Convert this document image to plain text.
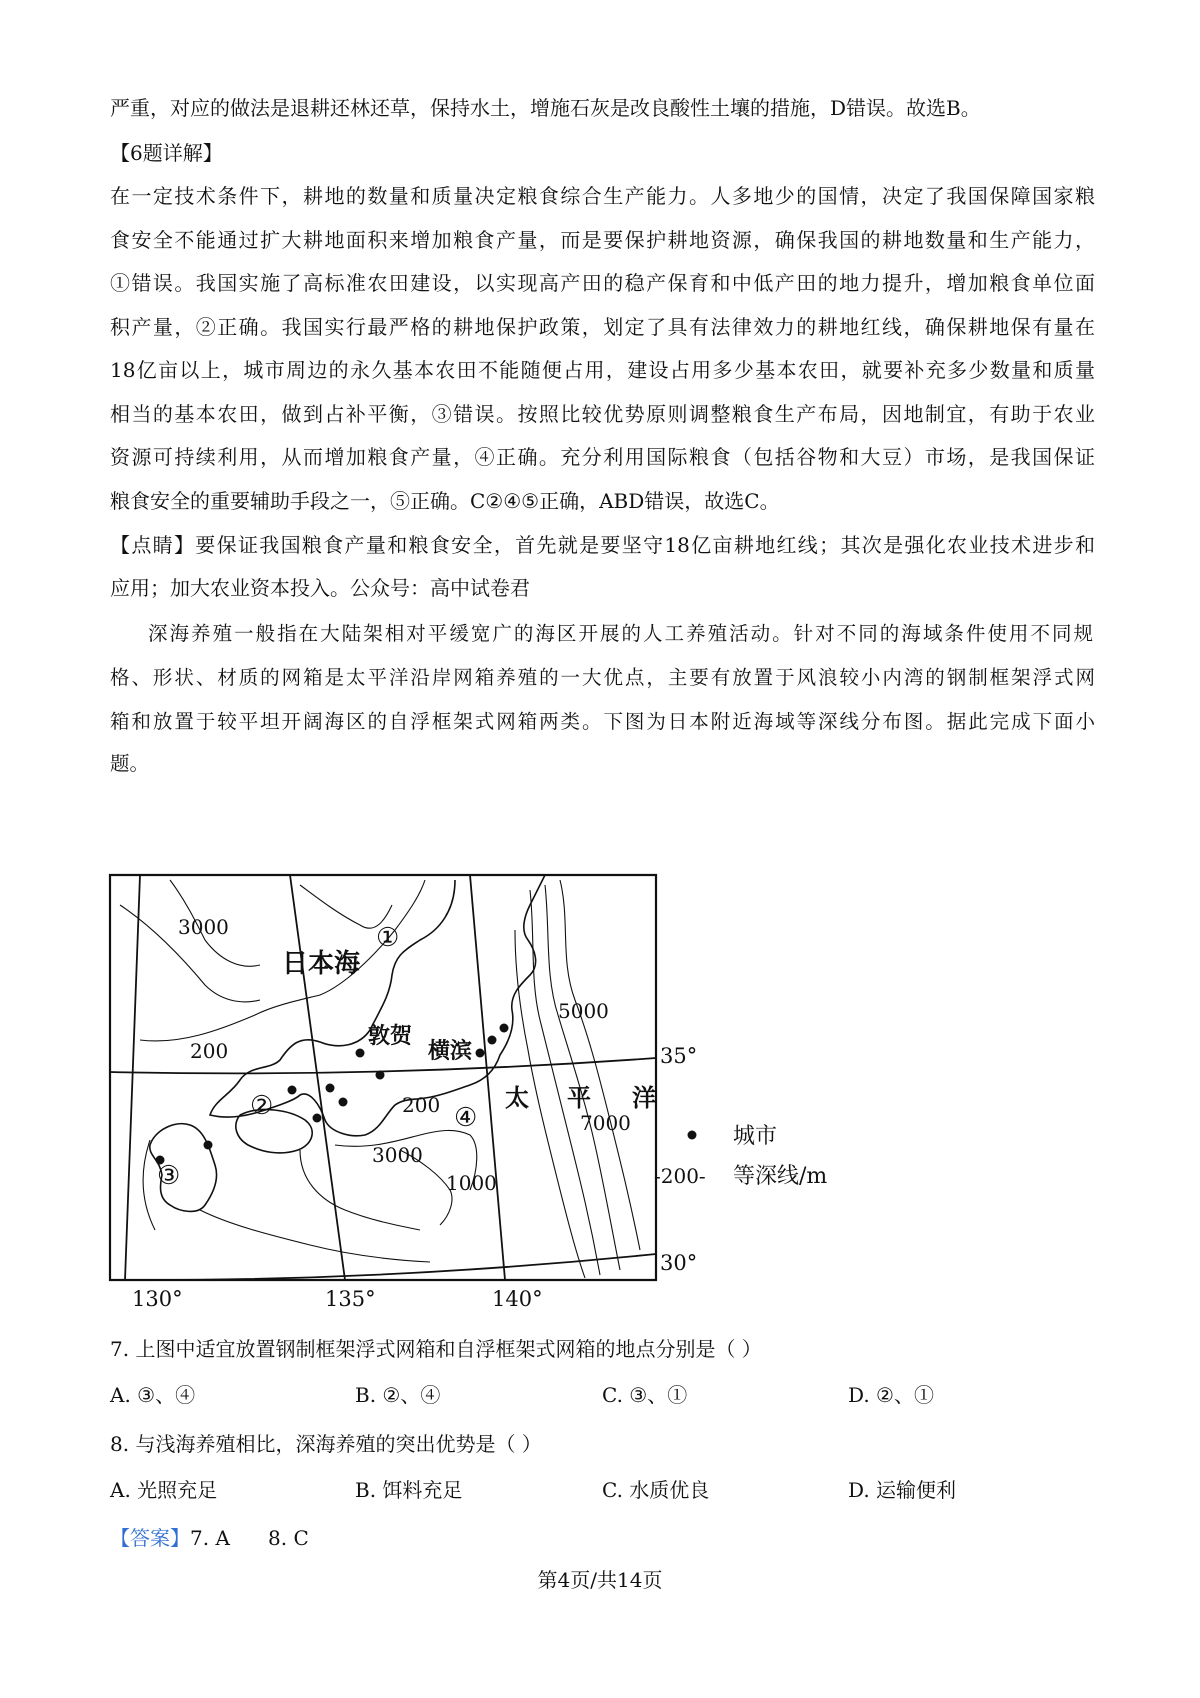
严重，对应的做法是退耕还林还草，保持水土，增施石灰是改良酸性土壤的措施，D错误。故选B。
【6题详解】
在一定技术条件下，耕地的数量和质量决定粮食综合生产能力。人多地少的国情，决定了我国保障国家粮
食安全不能通过扩大耕地面积来增加粮食产量，而是要保护耕地资源，确保我国的耕地数量和生产能力，
①错误。我国实施了高标准农田建设，以实现高产田的稳产保育和中低产田的地力提升，增加粮食单位面
积产量，②正确。我国实行最严格的耕地保护政策，划定了具有法律效力的耕地红线，确保耕地保有量在
18亿亩以上，城市周边的永久基本农田不能随便占用，建设占用多少基本农田，就要补充多少数量和质量
相当的基本农田，做到占补平衡，③错误。按照比较优势原则调整粮食生产布局，因地制宜，有助于农业
资源可持续利用，从而增加粮食产量，④正确。充分利用国际粮食（包括谷物和大豆）市场，是我国保证
粮食安全的重要辅助手段之一，⑤正确。C②④⑤正确，ABD错误，故选C。
【点睛】要保证我国粮食产量和粮食安全，首先就是要坚守18亿亩耕地红线；其次是强化农业技术进步和
应用；加大农业资本投入。公众号：高中试卷君
深海养殖一般指在大陆架相对平缓宽广的海区开展的人工养殖活动。针对不同的海域条件使用不同规
格、形状、材质的网箱是太平洋沿岸网箱养殖的一大优点，主要有放置于风浪较小内湾的钢制框架浮式网
箱和放置于较平坦开阔海区的自浮框架式网箱两类。下图为日本附近海域等深线分布图。据此完成下面小
题。
日本海
太 平 洋
敦贺
横滨
3000
200
5000
7000
200
3000
1000
①
②
③
④
35°
30°
130°	135°	140°
城市
-200- 等深线/m
7. 上图中适宜放置钢制框架浮式网箱和自浮框架式网箱的地点分别是（ ）
A. ③、④	B. ②、④	C. ③、①	D. ②、①
8. 与浅海养殖相比，深海养殖的突出优势是（ ）
A. 光照充足	B. 饵料充足	C. 水质优良	D. 运输便利
【答案】7. A      8. C
第4页/共14页
